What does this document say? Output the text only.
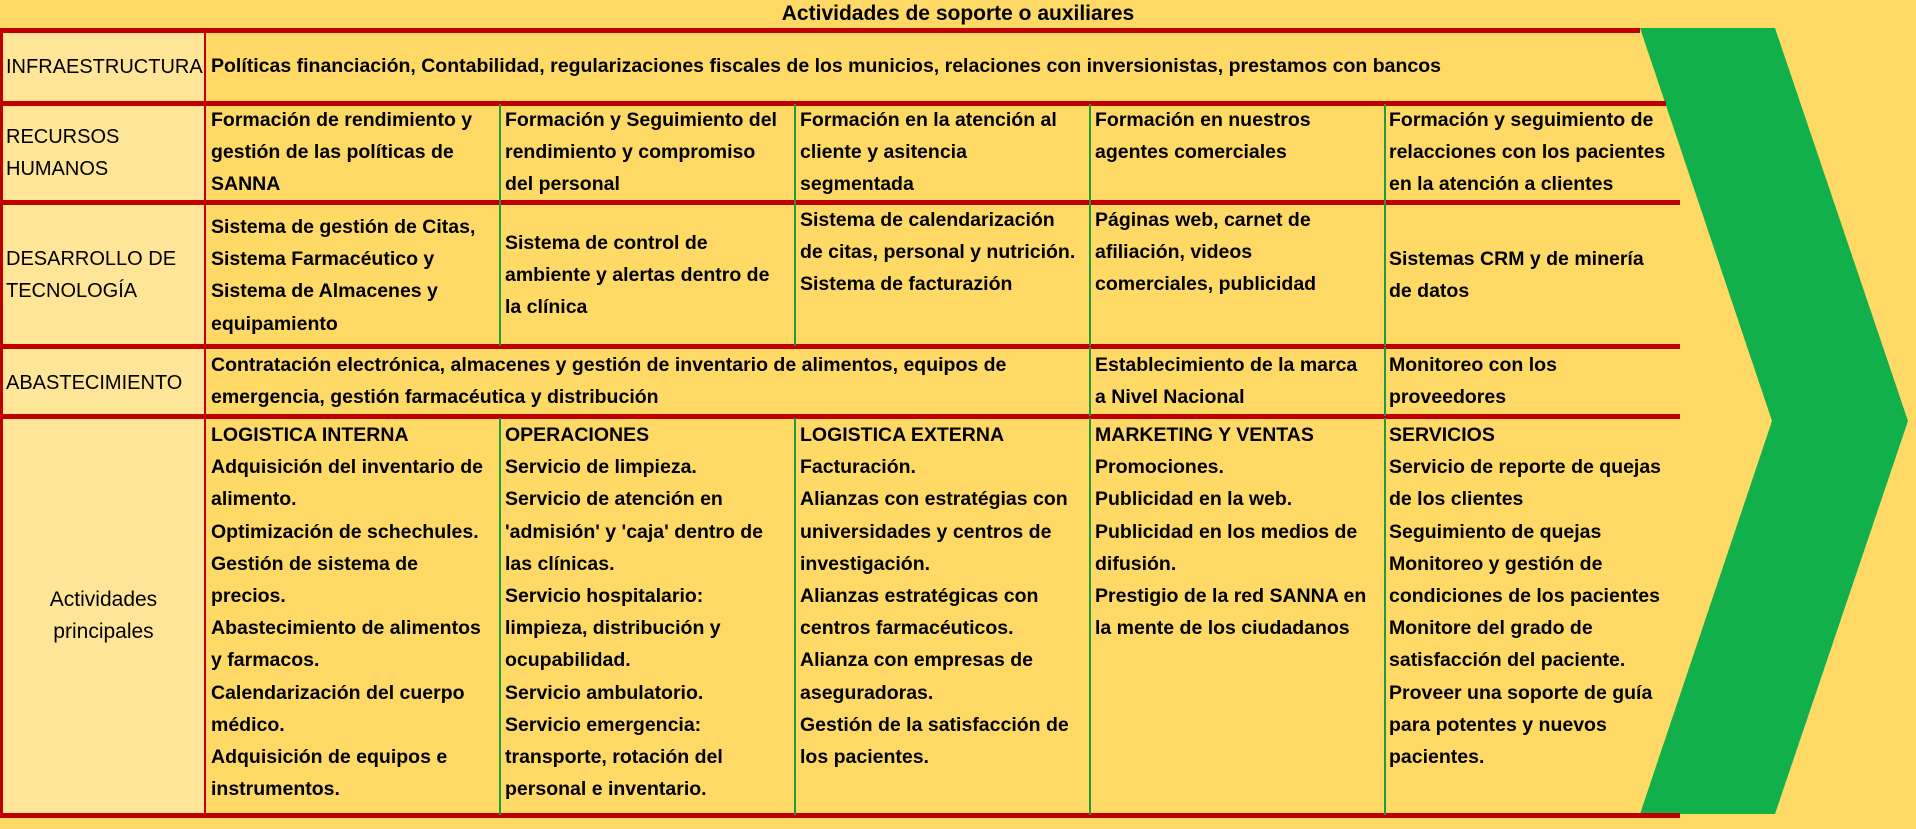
Actividades de soporte o auxiliares
INFRAESTRUCTURA
RECURSOS
HUMANOS
DESARROLLO DE
TECNOLOGÍA
ABASTECIMIENTO
Actividades
principales
Políticas financiación, Contabilidad, regularizaciones fiscales de los municios, relaciones con inversionistas, prestamos con bancos
Formación de rendimiento y
gestión de las políticas de
SANNA
Formación y Seguimiento del
rendimiento y compromiso
del personal
Formación en la atención al
cliente y asitencia
segmentada
Formación en nuestros
agentes comerciales
Formación y seguimiento de
relacciones con los pacientes
en la atención a clientes
Sistema de gestión de Citas,
Sistema Farmacéutico y
Sistema de Almacenes y
equipamiento
Sistema de control de
ambiente y alertas dentro de
la clínica
Sistema de calendarización
de citas, personal y nutrición.
Sistema de facturazión
Páginas web, carnet de
afiliación, videos
comerciales, publicidad
Sistemas CRM y de minería
de datos
Contratación electrónica, almacenes y gestión de inventario de alimentos, equipos de
emergencia, gestión farmacéutica y distribución
Establecimiento de la marca
a Nivel Nacional
Monitoreo con los
proveedores
LOGISTICA INTERNA
Adquisición del inventario de
alimento.
Optimización de schechules.
Gestión de sistema de
precios.
Abastecimiento de alimentos
y farmacos.
Calendarización del cuerpo
médico.
Adquisición de equipos e
instrumentos.
OPERACIONES
Servicio de limpieza.
Servicio de atención en
'admisión' y 'caja' dentro de
las clínicas.
Servicio hospitalario:
limpieza, distribución y
ocupabilidad.
Servicio ambulatorio.
Servicio emergencia:
transporte, rotación del
personal e inventario.
LOGISTICA EXTERNA
Facturación.
Alianzas con estratégias con
universidades y centros de
investigación.
Alianzas estratégicas con
centros farmacéuticos.
Alianza con empresas de
aseguradoras.
Gestión de la satisfacción de
los pacientes.
MARKETING Y VENTAS
Promociones.
Publicidad en la web.
Publicidad en los medios de
difusión.
Prestigio de la red SANNA en
la mente de los ciudadanos
SERVICIOS
Servicio de reporte de quejas
de los clientes
Seguimiento de quejas
Monitoreo y gestión de
condiciones de los pacientes
Monitore del grado de
satisfacción del paciente.
Proveer una soporte de guía
para potentes y nuevos
pacientes.
